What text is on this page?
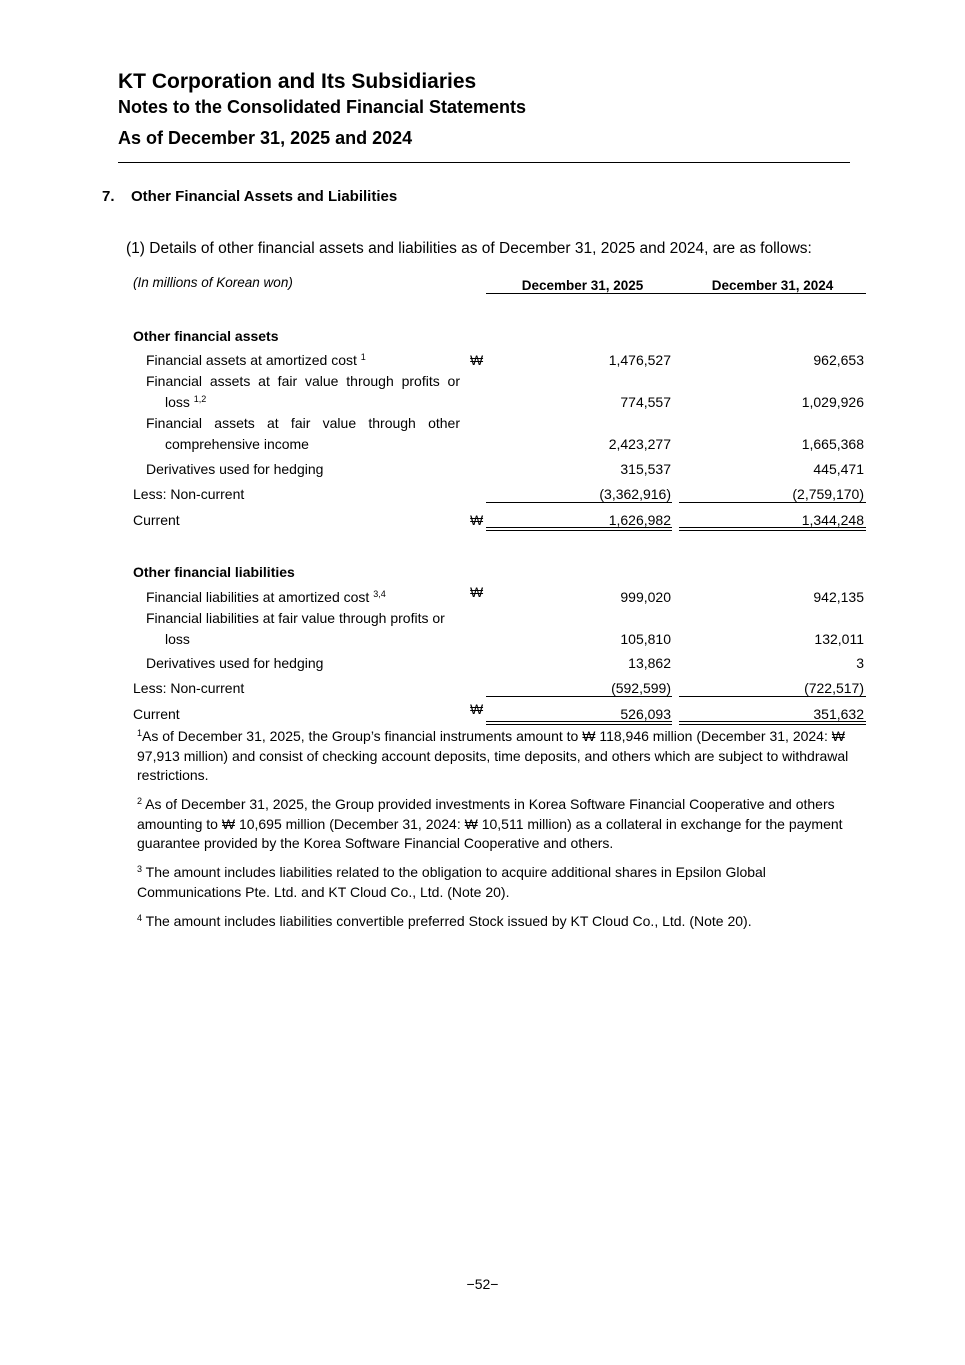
KT Corporation and Its Subsidiaries
Notes to the Consolidated Financial Statements
As of December 31, 2025 and 2024
7. Other Financial Assets and Liabilities
(1) Details of other financial assets and liabilities as of December 31, 2025 and 2024, are as follows:
(In millions of Korean won)	December 31, 2025	December 31, 2024
Other financial assets
Financial assets at amortized cost $^1$	₩	1,476,527	962,653
Financial assets at fair value through profits or
loss $^{1,2}$	774,557	1,029,926
Financial assets at fair value through other
comprehensive income	2,423,277	1,665,368
Derivatives used for hedging	315,537	445,471
Less: Non-current	(3,362,916)	(2,759,170)
Current	₩	1,626,982	1,344,248
Other financial liabilities
Financial liabilities at amortized cost $^{3,4}$	₩	999,020	942,135
Financial liabilities at fair value through profits or
loss	105,810	132,011
Derivatives used for hedging	13,862	3
Less: Non-current	(592,599)	(722,517)
Current	₩	526,093	351,632
$^1$As of December 31, 2025, the Group’s financial instruments amount to ₩ 118,946 million (December 31, 2024: ₩ 97,913 million) and consist of checking account deposits, time deposits, and others which are subject to withdrawal restrictions.
$^2$ As of December 31, 2025, the Group provided investments in Korea Software Financial Cooperative and others amounting to ₩ 10,695 million (December 31, 2024: ₩ 10,511 million) as a collateral in exchange for the payment guarantee provided by the Korea Software Financial Cooperative and others.
$^3$ The amount includes liabilities related to the obligation to acquire additional shares in Epsilon Global Communications Pte. Ltd. and KT Cloud Co., Ltd. (Note 20).
$^4$ The amount includes liabilities convertible preferred Stock issued by KT Cloud Co., Ltd. (Note 20).
−52−
